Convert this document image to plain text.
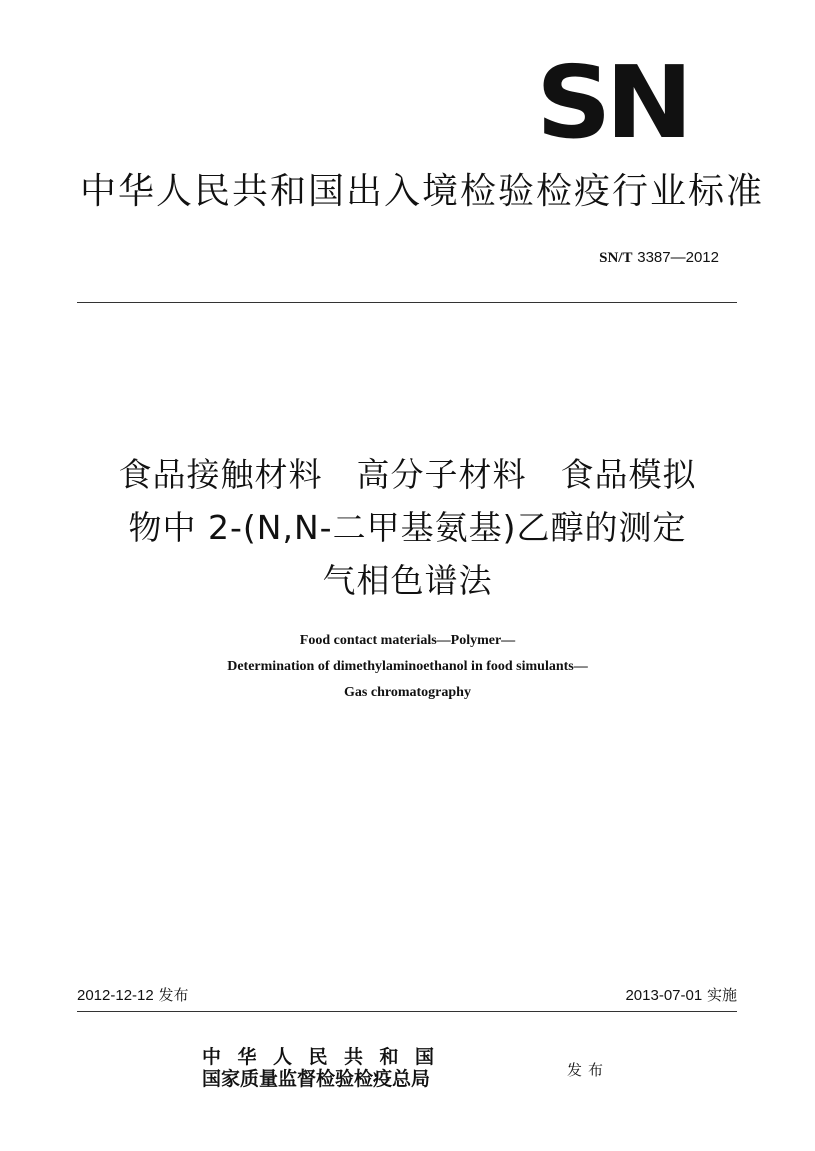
SN
中华人民共和国出入境检验检疫行业标准
SN/T 3387—2012
食品接触材料　高分子材料　食品模拟
物中 2-(N,N-二甲基氨基)乙醇的测定
气相色谱法
Food contact materials—Polymer—
Determination of dimethylaminoethanol in food simulants—
Gas chromatography
2012-12-12 发布	2013-07-01 实施
中华人民共和国
国家质量监督检验检疫总局	发布
